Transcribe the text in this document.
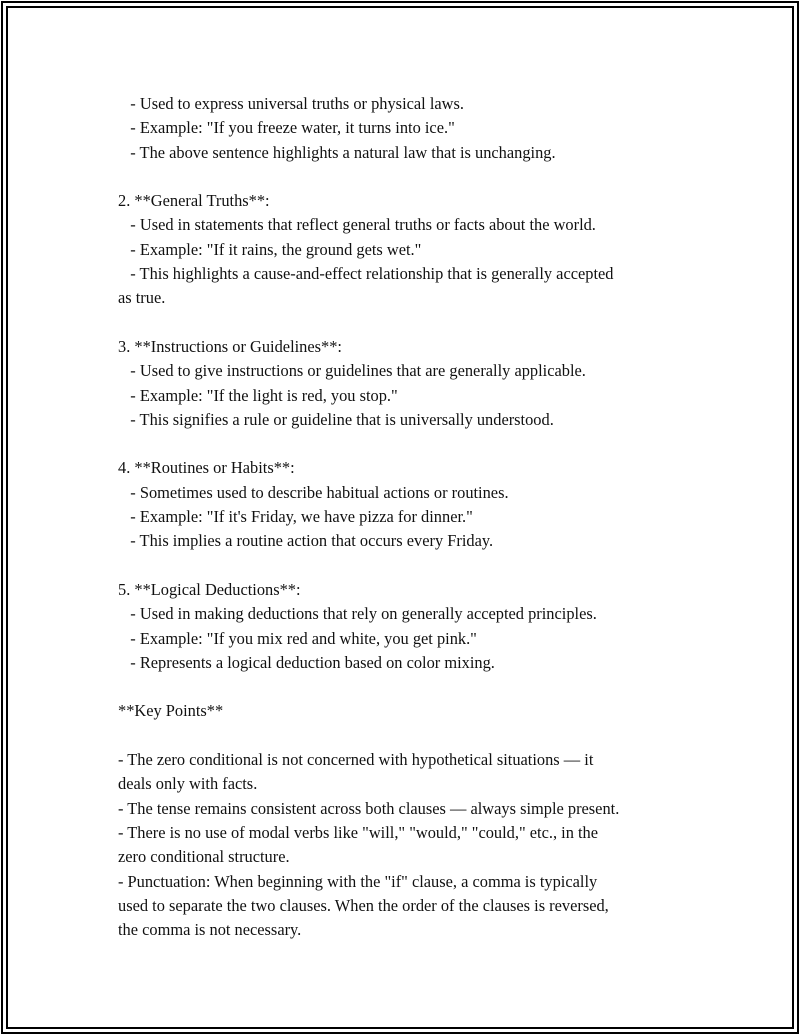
- Used to express universal truths or physical laws.
- Example: "If you freeze water, it turns into ice."
- The above sentence highlights a natural law that is unchanging.
2. **General Truths**:
- Used in statements that reflect general truths or facts about the world.
- Example: "If it rains, the ground gets wet."
- This highlights a cause-and-effect relationship that is generally accepted
as true.
3. **Instructions or Guidelines**:
- Used to give instructions or guidelines that are generally applicable.
- Example: "If the light is red, you stop."
- This signifies a rule or guideline that is universally understood.
4. **Routines or Habits**:
- Sometimes used to describe habitual actions or routines.
- Example: "If it's Friday, we have pizza for dinner."
- This implies a routine action that occurs every Friday.
5. **Logical Deductions**:
- Used in making deductions that rely on generally accepted principles.
- Example: "If you mix red and white, you get pink."
- Represents a logical deduction based on color mixing.
**Key Points**
- The zero conditional is not concerned with hypothetical situations — it
deals only with facts.
- The tense remains consistent across both clauses — always simple present.
- There is no use of modal verbs like "will," "would," "could," etc., in the
zero conditional structure.
- Punctuation: When beginning with the "if" clause, a comma is typically
used to separate the two clauses. When the order of the clauses is reversed,
the comma is not necessary.
